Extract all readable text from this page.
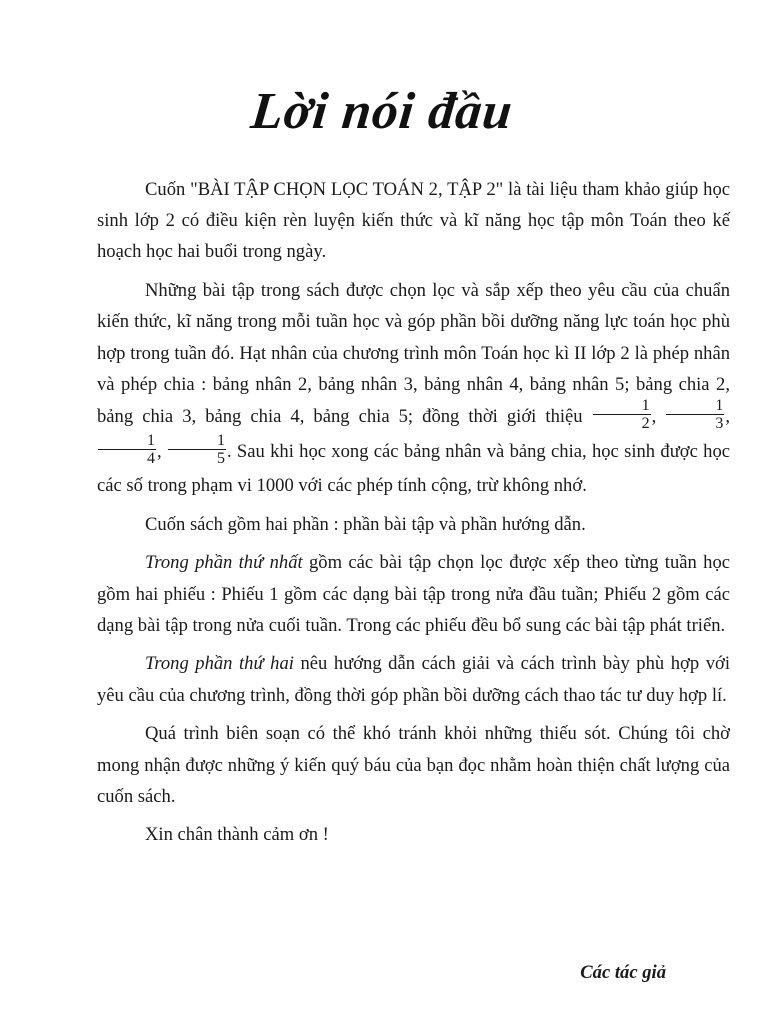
Lời nói đầu

Cuốn "BÀI TẬP CHỌN LỌC TOÁN 2, TẬP 2" là tài liệu tham khảo giúp học sinh lớp 2 có điều kiện rèn luyện kiến thức và kĩ năng học tập môn Toán theo kế hoạch học hai buổi trong ngày.

Những bài tập trong sách được chọn lọc và sắp xếp theo yêu cầu của chuẩn kiến thức, kĩ năng trong mỗi tuần học và góp phần bồi dưỡng năng lực toán học phù hợp trong tuần đó. Hạt nhân của chương trình môn Toán học kì II lớp 2 là phép nhân và phép chia : bảng nhân 2, bảng nhân 3, bảng nhân 4, bảng nhân 5; bảng chia 2, bảng chia 3, bảng chia 4, bảng chia 5; đồng thời giới thiệu $\frac{1}{2}$ , $\frac{1}{3}$ ,
$\frac{1}{4}$ , $\frac{1}{5}$ . Sau khi học xong các bảng nhân và bảng chia, học sinh được học các số trong phạm vi 1000 với các phép tính cộng, trừ không nhớ.

Cuốn sách gồm hai phần : phần bài tập và phần hướng dẫn.

Trong phần thứ nhất gồm các bài tập chọn lọc được xếp theo từng tuần học gồm hai phiếu : Phiếu 1 gồm các dạng bài tập trong nửa đầu tuần; Phiếu 2 gồm các dạng bài tập trong nửa cuối tuần. Trong các phiếu đều bổ sung các bài tập phát triển.

Trong phần thứ hai nêu hướng dẫn cách giải và cách trình bày phù hợp với yêu cầu của chương trình, đồng thời góp phần bồi dưỡng cách thao tác tư duy hợp lí.

Quá trình biên soạn có thể khó tránh khỏi những thiếu sót. Chúng tôi chờ mong nhận được những ý kiến quý báu của bạn đọc nhằm hoàn thiện chất lượng của cuốn sách.

Xin chân thành cảm ơn !

Các tác giả
